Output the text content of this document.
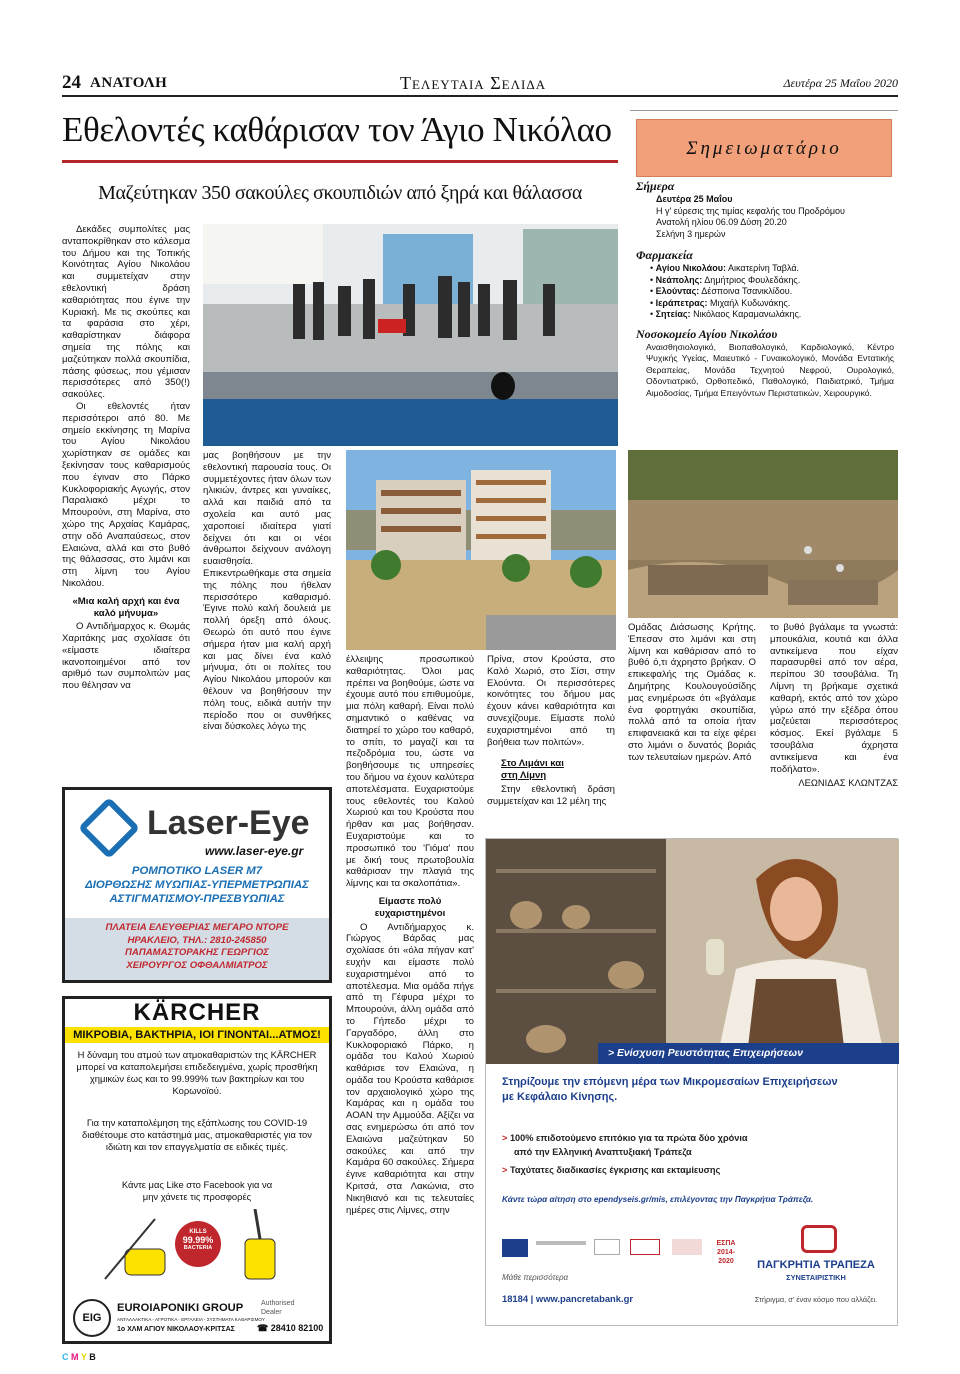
24 ΑΝΑΤΟΛΗ	Τελευταια Σελιδα	Δευτέρα 25 Μαΐου 2020
Εθελοντές καθάρισαν τον Άγιο Νικόλαο
Μαζεύτηκαν 350 σακούλες σκουπιδιών από ξηρά και θάλασσα
Σημειωματάριο
Σήμερα
Δευτέρα 25 Μαΐου
Η γ' εύρεσις της τιμίας κεφαλής του Προδρόμου
Ανατολή ηλίου 06.09 Δύση 20.20
Σελήνη 3 ημερών
Φαρμακεία
• Αγίου Νικολάου: Αικατερίνη Ταβλά.
• Νεάπολης: Δημήτριος Φουλεδάκης.
• Ελούντας: Δέσποινα Τσανικλίδου.
• Ιεράπετρας: Μιχαήλ Κυδωνάκης.
• Σητείας: Νικόλαος Καραμανωλάκης.
Νοσοκομείο Αγίου Νικολάου
Αναισθησιολογικό, Βιοπαθολογικό, Καρδιολογικό, Κέντρο Ψυχικής Υγείας, Μαιευτικό - Γυναικολογικό, Μονάδα Εντατικής Θεραπείας, Μονάδα Τεχνητού Νεφρού, Ουρολογικό, Οδοντιατρικό, Ορθοπεδικό, Παθολογικό, Παιδιατρικό, Τμήμα Αιμοδοσίας, Τμήμα Επειγόντων Περιστατικών, Χειρουργικό.

Δεκάδες συμπολίτες μας ανταποκρίθηκαν στο κάλεσμα του Δήμου και της Τοπικής Κοινότητας Αγίου Νικολάου και συμμετείχαν στην εθελοντική δράση καθαριότητας που έγινε την Κυριακή. Με τις σκούπες και τα φαράσια στο χέρι, καθαρίστηκαν διάφορα σημεία της πόλης και μαζεύτηκαν πολλά σκουπίδια, πάσης φύσεως, που γέμισαν περισσότερες από 350(!) σακούλες.

Οι εθελοντές ήταν περισσότεροι από 80. Με σημείο εκκίνησης τη Μαρίνα του Αγίου Νικολάου χωρίστηκαν σε ομάδες και ξεκίνησαν τους καθαρισμούς που έγιναν στο Πάρκο Κυκλοφοριακής Αγωγής, στον Παραλιακό μέχρι το Μπουρούνι, στη Μαρίνα, στο χώρο της Αρχαίας Καμάρας, στην οδό Αναπαύσεως, στον Ελαιώνα, αλλά και στο βυθό της θάλασσας, στο λιμάνι και στη λίμνη του Αγίου Νικολάου.

«Μια καλή αρχή και ένα καλό μήνυμα»

Ο Αντιδήμαρχος κ. Θωμάς Χαριτάκης μας σχολίασε ότι «είμαστε ιδιαίτερα ικανοποιημένοι από τον αριθμό των συμπολιτών μας που θέλησαν να

μας βοηθήσουν με την εθελοντική παρουσία τους. Οι συμμετέχοντες ήταν όλων των ηλικιών, άντρες και γυναίκες, αλλά και παιδιά από τα σχολεία και αυτό μας χαροποιεί ιδιαίτερα γιατί δείχνει ότι και οι νέοι άνθρωποι δείχνουν ανάλογη ευαισθησία. Επικεντρωθήκαμε στα σημεία της πόλης που ήθελαν περισσότερο καθαρισμό. Έγινε πολύ καλή δουλειά με πολλή όρεξη από όλους. Θεωρώ ότι αυτό που έγινε σήμερα ήταν μια καλή αρχή και μας δίνει ένα καλό μήνυμα, ότι οι πολίτες του Αγίου Νικολάου μπορούν και θέλουν να βοηθήσουν την πόλη τους, ειδικά αυτήν την περίοδο που οι συνθήκες είναι δύσκολες λόγω της

έλλειψης προσωπικού καθαριότητας. Όλοι μας πρέπει να βοηθούμε, ώστε να έχουμε αυτό που επιθυμούμε, μια πόλη καθαρή. Είναι πολύ σημαντικό ο καθένας να διατηρεί το χώρο του καθαρό, το σπίτι, το μαγαζί και τα πεζοδρόμια του, ώστε να βοηθήσουμε τις υπηρεσίες του δήμου να έχουν καλύτερα αποτελέσματα. Ευχαριστούμε τους εθελοντές του Καλού Χωριού και του Κρούστα που ήρθαν και μας βοήθησαν. Ευχαριστούμε και το προσωπικό του 'Γιόμα' που με δική τους πρωτοβουλία καθάρισαν την πλαγιά της λίμνης και τα σκαλοπάτια».

Είμαστε πολύ ευχαριστημένοι

Ο Αντιδήμαρχος κ. Γιώργος Βάρδας μας σχολίασε ότι «όλα πήγαν κατ' ευχήν και είμαστε πολύ ευχαριστημένοι από το αποτέλεσμα. Μια ομάδα πήγε από τη Γέφυρα μέχρι το Μπουρούνι, άλλη ομάδα από το Γήπεδο μέχρι το Γαργαδόρο, άλλη στο Κυκλοφοριακό Πάρκο, η ομάδα του Καλού Χωριού καθάρισε τον Ελαιώνα, η ομάδα του Κρούστα καθάρισε τον αρχαιολογικό χώρο της Καμάρας και η ομάδα του ΑΟΑΝ την Αμμούδα. Αξίζει να σας ενημερώσω ότι από τον Ελαιώνα μαζεύτηκαν 50 σακούλες και από την Καμάρα 60 σακούλες. Σήμερα έγινε καθαριότητα και στην Κριτσά, στα Λακώνια, στο Νικηθιανό και τις τελευταίες ημέρες στις Λίμνες, στην

Πρίνα, στον Κρούστα, στο Καλό Χωριό, στο Σίσι, στην Ελούντα. Οι περισσότερες κοινότητες του δήμου μας έχουν κάνει καθαριότητα και συνεχίζουμε. Είμαστε πολύ ευχαριστημένοι από τη βοήθεια των πολιτών».

Στο Λιμάνι και στη Λίμνη

Στην εθελοντική δράση συμμετείχαν και 12 μέλη της

Ομάδας Διάσωσης Κρήτης. Έπεσαν στο λιμάνι και στη λίμνη και καθάρισαν από το βυθό ό,τι άχρηστο βρήκαν. Ο επικεφαλής της Ομάδας κ. Δημήτρης Κουλουγούσίδης μας ενημέρωσε ότι «βγάλαμε ένα φορτηγάκι σκουπίδια, πολλά από τα οποία ήταν επιφανειακά και τα είχε φέρει στο λιμάνι ο δυνατός βοριάς των τελευταίων ημερών. Από

το βυθό βγάλαμε τα γνωστά: μπουκάλια, κουτιά και άλλα αντικείμενα που είχαν παρασυρθεί από τον αέρα, περίπου 30 τσουβάλια. Τη Λίμνη τη βρήκαμε σχετικά καθαρή, εκτός από τον χώρο γύρω από την εξέδρα όπου μαζεύεται περισσότερος κόσμος. Εκεί βγάλαμε 5 τσουβάλια άχρηστα αντικείμενα και ένα ποδήλατο».

ΛΕΩΝΙΔΑΣ ΚΛΩΝΤΖΑΣ
Laser-Eye
www.laser-eye.gr
ΡΟΜΠΟΤΙΚΟ LASER M7
ΔΙΟΡΘΩΣΗΣ ΜΥΩΠΙΑΣ-ΥΠΕΡΜΕΤΡΩΠΙΑΣ
ΑΣΤΙΓΜΑΤΙΣΜΟΥ-ΠΡΕΣΒΥΩΠΙΑΣ
ΠΛΑΤΕΙΑ ΕΛΕΥΘΕΡΙΑΣ ΜΕΓΑΡΟ ΝΤΟΡΕ
ΗΡΑΚΛΕΙΟ, ΤΗΛ.: 2810-245850
ΠΑΠΑΜΑΣΤΟΡΑΚΗΣ ΓΕΩΡΓΙΟΣ
ΧΕΙΡΟΥΡΓΟΣ ΟΦΘΑΛΜΙΑΤΡΟΣ
KÄRCHER
ΜΙΚΡΟΒΙΑ, ΒΑΚΤΗΡΙΑ, ΙΟΙ ΓΙΝΟΝΤΑΙ...ΑΤΜΟΣ!
Η δύναμη του ατμού των ατμοκαθαριστών της KÄRCHER μπορεί να καταπολεμήσει επιδεδειγμένα, χωρίς προσθήκη χημικών έως και το 99.999% των βακτηρίων και του Κορωνοϊού.
Για την καταπολέμηση της εξάπλωσης του COVID-19 διαθέτουμε στο κατάστημά μας, ατμοκαθαριστές για τον ιδιώτη και τον επαγγελματία σε ειδικές τιμές.
Κάντε μας Like στο Facebook για να μην χάνετε τις προσφορές
KILLS
99.99%
BACTERIA
EIG
EUROIAPONIKI GROUP
ΑΝΤΑΛΛΑΚΤΙΚΑ - ΑΓΡΟΤΙΚΑ - ΕΡΓΑΛΕΙΑ - ΣΥΣΤΗΜΑΤΑ ΚΑΘΑΡΙΣΜΟΥ
1ο ΧΛΜ ΑΓΙΟΥ ΝΙΚΟΛΑΟΥ-ΚΡΙΤΣΑΣ
Authorised
Dealer
☎ 28410 82100
> Ενίσχυση Ρευστότητας Επιχειρήσεων
Στηρίζουμε την επόμενη μέρα των Μικρομεσαίων Επιχειρήσεων
με Κεφάλαιο Κίνησης.
> 100% επιδοτούμενο επιτόκιο για τα πρώτα δύο χρόνια
από την Ελληνική Αναπτυξιακή Τράπεζα
> Ταχύτατες διαδικασίες έγκρισης και εκταμίευσης
Κάντε τώρα αίτηση στο ependyseis.gr/mis, επιλέγοντας την Παγκρήτια Τράπεζα.
ΕΣΠΑ
2014-2020
Μάθε περισσότερα
18184 | www.pancretabank.gr
ΠΑΓΚΡΗΤΙΑ ΤΡΑΠΕΖΑ
ΣΥΝΕΤΑΙΡΙΣΤΙΚΗ
Στήριγμα, σ' έναν κόσμο που αλλάζει.
C M Y B
